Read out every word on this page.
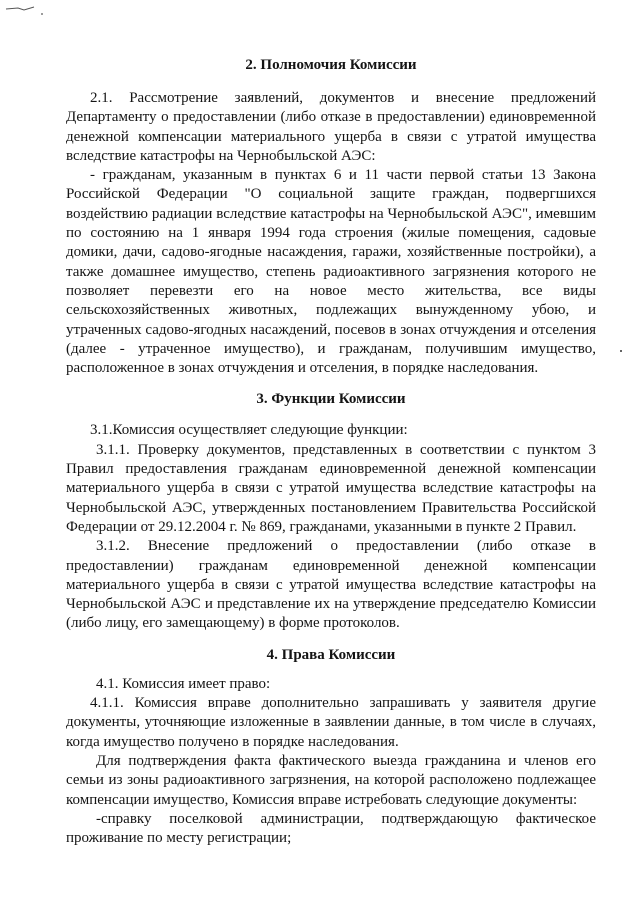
2. Полномочия Комиссии

2.1. Рассмотрение заявлений, документов и внесение предложений Департаменту о предоставлении (либо отказе в предоставлении) единовременной денежной компенсации материального ущерба в связи с утратой имущества вследствие катастрофы на Чернобыльской АЭС:

- гражданам, указанным в пунктах 6 и 11 части первой статьи 13 Закона Российской Федерации "О социальной защите граждан, подвергшихся воздействию радиации вследствие катастрофы на Чернобыльской АЭС", имевшим по состоянию на 1 января 1994 года строения (жилые помещения, садовые домики, дачи, садово-ягодные насаждения, гаражи, хозяйственные постройки), а также домашнее имущество, степень радиоактивного загрязнения которого не позволяет перевезти его на новое место жительства, все виды сельскохозяйственных животных, подлежащих вынужденному убою, и утраченных садово-ягодных насаждений, посевов в зонах отчуждения и отселения (далее - утраченное имущество), и гражданам, получившим имущество, расположенное в зонах отчуждения и отселения, в порядке наследования.

3. Функции Комиссии

3.1.Комиссия осуществляет следующие функции:

3.1.1. Проверку документов, представленных в соответствии с пунктом 3 Правил предоставления гражданам единовременной денежной компенсации материального ущерба в связи с утратой имущества вследствие катастрофы на Чернобыльской АЭС, утвержденных постановлением Правительства Российской Федерации от 29.12.2004 г. № 869, гражданами, указанными в пункте 2 Правил.

3.1.2. Внесение предложений о предоставлении (либо отказе в предоставлении) гражданам единовременной денежной компенсации материального ущерба в связи с утратой имущества вследствие катастрофы на Чернобыльской АЭС и представление их на утверждение председателю Комиссии (либо лицу, его замещающему) в форме протоколов.

4. Права Комиссии

4.1. Комиссия имеет право:

4.1.1. Комиссия вправе дополнительно запрашивать у заявителя другие документы, уточняющие изложенные в заявлении данные, в том числе в случаях, когда имущество получено в порядке наследования.

Для подтверждения факта фактического выезда гражданина и членов его семьи из зоны радиоактивного загрязнения, на которой расположено подлежащее компенсации имущество, Комиссия вправе истребовать следующие документы:

-справку поселковой администрации, подтверждающую фактическое проживание по месту регистрации;
